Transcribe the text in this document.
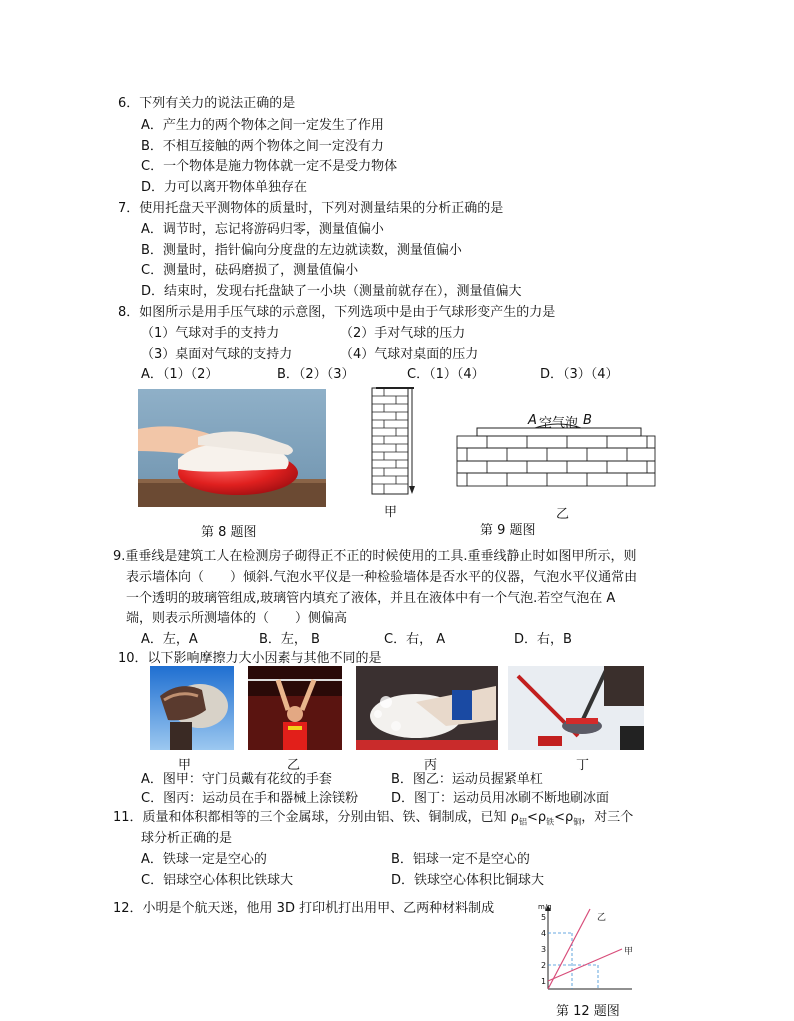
6．下列有关力的说法正确的是
A．产生力的两个物体之间一定发生了作用
B．不相互接触的两个物体之间一定没有力
C．一个物体是施力物体就一定不是受力物体
D．力可以离开物体单独存在
7．使用托盘天平测物体的质量时，下列对测量结果的分析正确的是
A．调节时，忘记将游码归零，测量值偏小
B．测量时，指针偏向分度盘的左边就读数，测量值偏小
C．测量时，砝码磨损了，测量值偏小
D．结束时，发现右托盘缺了一小块（测量前就存在），测量值偏大
8．如图所示是用手压气球的示意图，下列选项中是由于气球形变产生的力是
（1）气球对手的支持力	（2）手对气球的压力
（3）桌面对气球的支持力	（4）气球对桌面的压力
A．（1）（2）	B．（2）（3）	C．（1）（4）	D．（3）（4）
第 8 题图
甲
A 空气泡 B
第 9 题图
乙
9.重垂线是建筑工人在检测房子砌得正不正的时候使用的工具.重垂线静止时如图甲所示，则
表示墙体向（　　）倾斜.气泡水平仪是一种检验墙体是否水平的仪器，气泡水平仪通常由
一个透明的玻璃管组成,玻璃管内填充了液体，并且在液体中有一个气泡.若空气泡在 A
端，则表示所测墙体的（　　）侧偏高
A．左，A	B．左， B	C．右， A	D．右，B
10．以下影响摩擦力大小因素与其他不同的是
甲	乙	丙	丁
A．图甲：守门员戴有花纹的手套	B．图乙：运动员握紧单杠
C．图丙：运动员在手和器械上涂镁粉	D．图丁：运动员用冰刷不断地刷冰面
11．质量和体积都相等的三个金属球，分别由铝、铁、铜制成，已知 $\rho_铝<\rho_铁<\rho_铜$，对三个
球分析正确的是
A．铁球一定是空心的	B．铝球一定不是空心的
C．铝球空心体积比铁球大	D．铁球空心体积比铜球大
12．小明是个航天迷，他用 3D 打印机打出用甲、乙两种材料制成	m/g
1
2
3
4
5	乙
甲
第 12 题图
